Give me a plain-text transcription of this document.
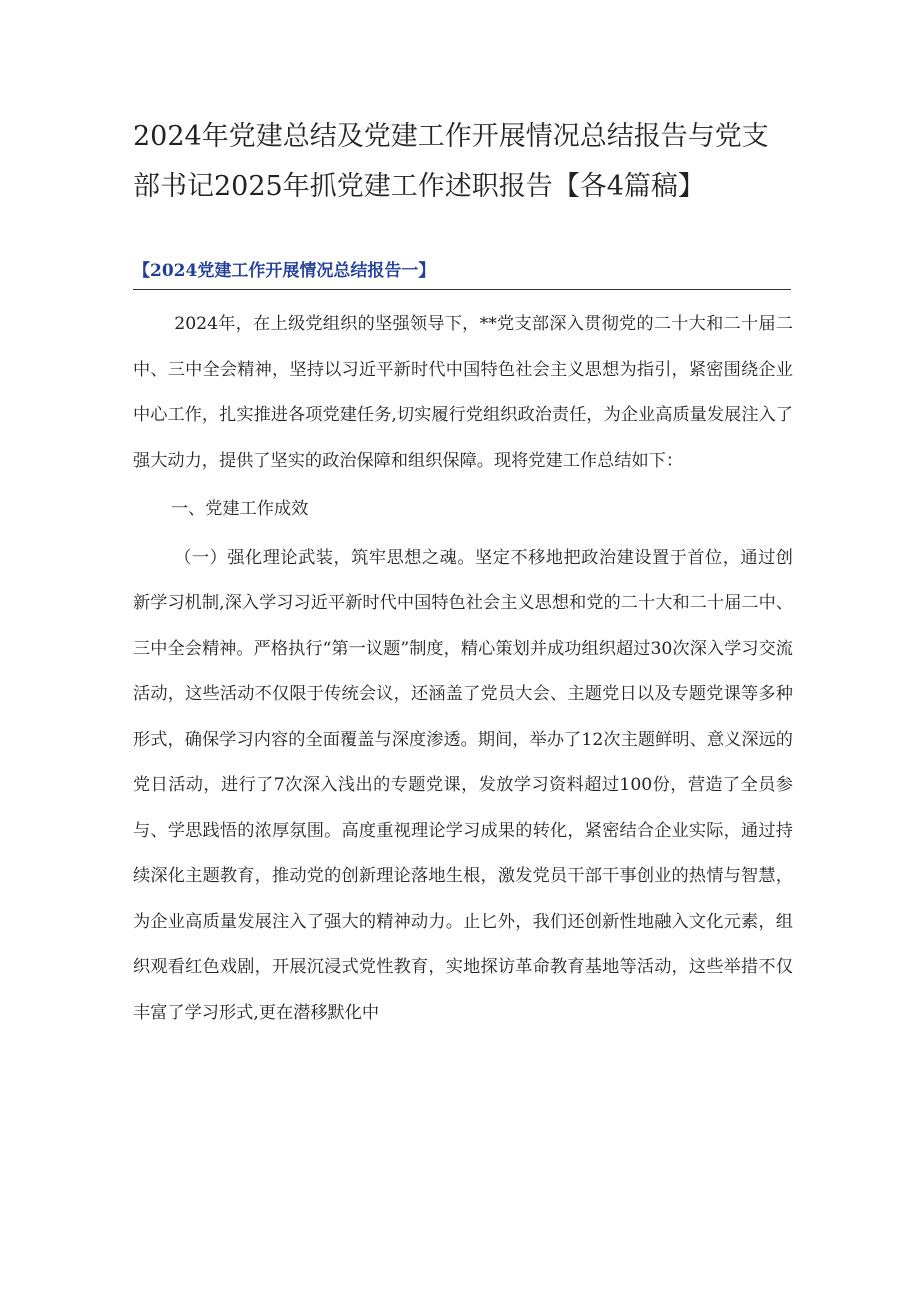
2024年党建总结及党建工作开展情况总结报告与党支部书记2025年抓党建工作述职报告【各4篇稿】
【2024党建工作开展情况总结报告一】

2024年，在上级党组织的坚强领导下，**党支部深入贯彻党的二十大和二十届二中、三中全会精神，坚持以习近平新时代中国特色社会主义思想为指引，紧密围绕企业中心工作，扎实推进各项党建任务,切实履行党组织政治责任，为企业高质量发展注入了强大动力，提供了坚实的政治保障和组织保障。现将党建工作总结如下：

一、党建工作成效

（一）强化理论武装，筑牢思想之魂。坚定不移地把政治建设置于首位，通过创新学习机制,深入学习习近平新时代中国特色社会主义思想和党的二十大和二十届二中、三中全会精神。严格执行“第一议题”制度，精心策划并成功组织超过30次深入学习交流活动，这些活动不仅限于传统会议，还涵盖了党员大会、主题党日以及专题党课等多种形式，确保学习内容的全面覆盖与深度渗透。期间，举办了12次主题鲜明、意义深远的党日活动，进行了7次深入浅出的专题党课，发放学习资料超过100份，营造了全员参与、学思践悟的浓厚氛围。高度重视理论学习成果的转化，紧密结合企业实际，通过持续深化主题教育，推动党的创新理论落地生根，激发党员干部干事创业的热情与智慧，为企业高质量发展注入了强大的精神动力。止匕外，我们还创新性地融入文化元素，组织观看红色戏剧，开展沉浸式党性教育，实地探访革命教育基地等活动，这些举措不仅丰富了学习形式,更在潜移默化中
